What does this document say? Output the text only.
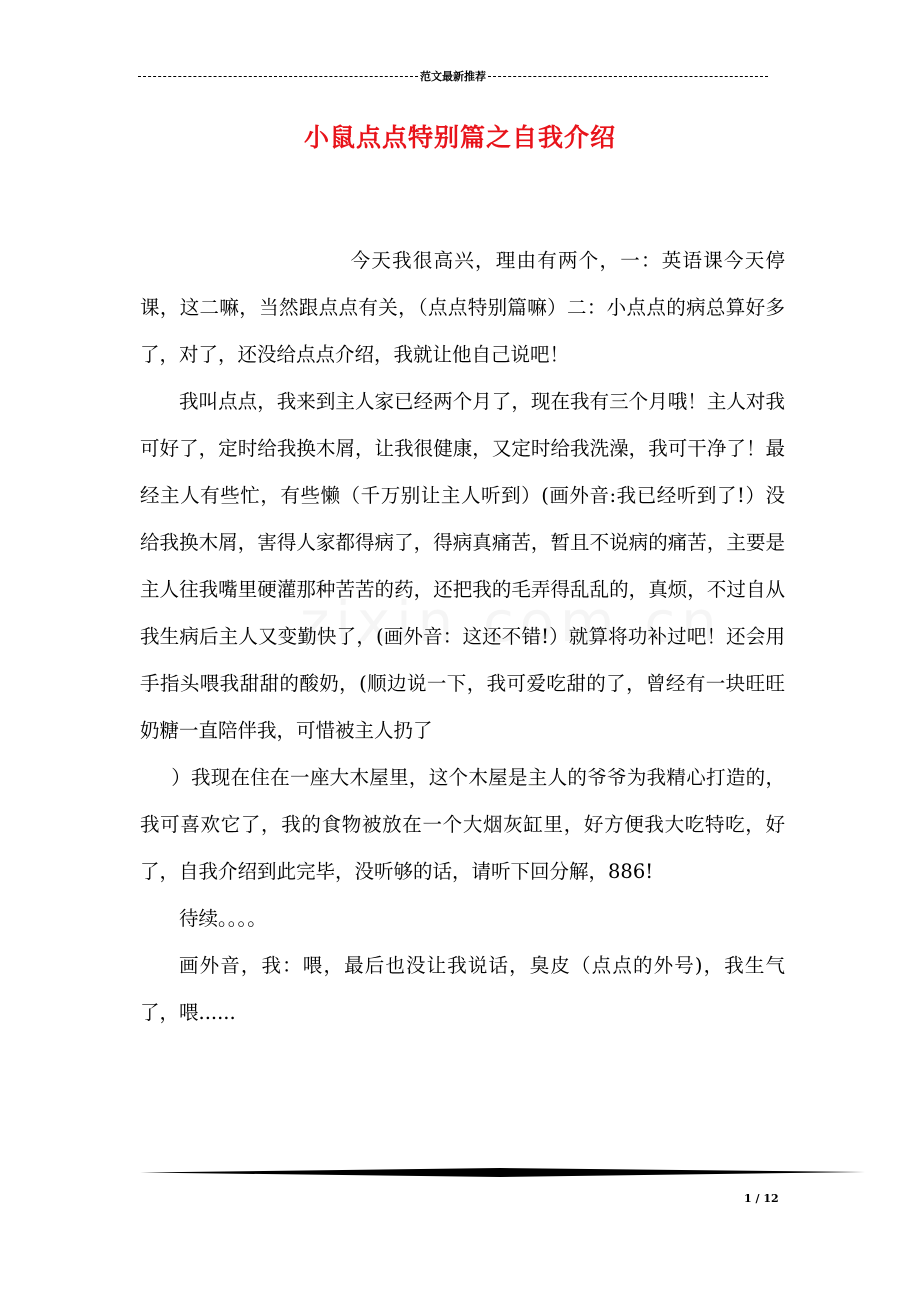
范文最新推荐
小鼠点点特别篇之自我介绍

今天我很高兴，理由有两个，一：英语课今天停课，这二嘛，当然跟点点有关，（点点特别篇嘛）二：小点点的病总算好多了，对了，还没给点点介绍，我就让他自己说吧！

我叫点点，我来到主人家已经两个月了，现在我有三个月哦！主人对我可好了，定时给我换木屑，让我很健康，又定时给我洗澡，我可干净了！最经主人有些忙，有些懒（千万别让主人听到）(画外音:我已经听到了!）没给我换木屑，害得人家都得病了，得病真痛苦，暂且不说病的痛苦，主要是主人往我嘴里硬灌那种苦苦的药，还把我的毛弄得乱乱的，真烦，不过自从我生病后主人又变勤快了，(画外音：这还不错!）就算将功补过吧！还会用手指头喂我甜甜的酸奶，(顺边说一下，我可爱吃甜的了，曾经有一块旺旺奶糖一直陪伴我，可惜被主人扔了

）我现在住在一座大木屋里，这个木屋是主人的爷爷为我精心打造的，我可喜欢它了，我的食物被放在一个大烟灰缸里，好方便我大吃特吃，好了，自我介绍到此完毕，没听够的话，请听下回分解，886!

待续。。。。

画外音，我：喂，最后也没让我说话，臭皮（点点的外号)，我生气了，喂......

1 / 12
